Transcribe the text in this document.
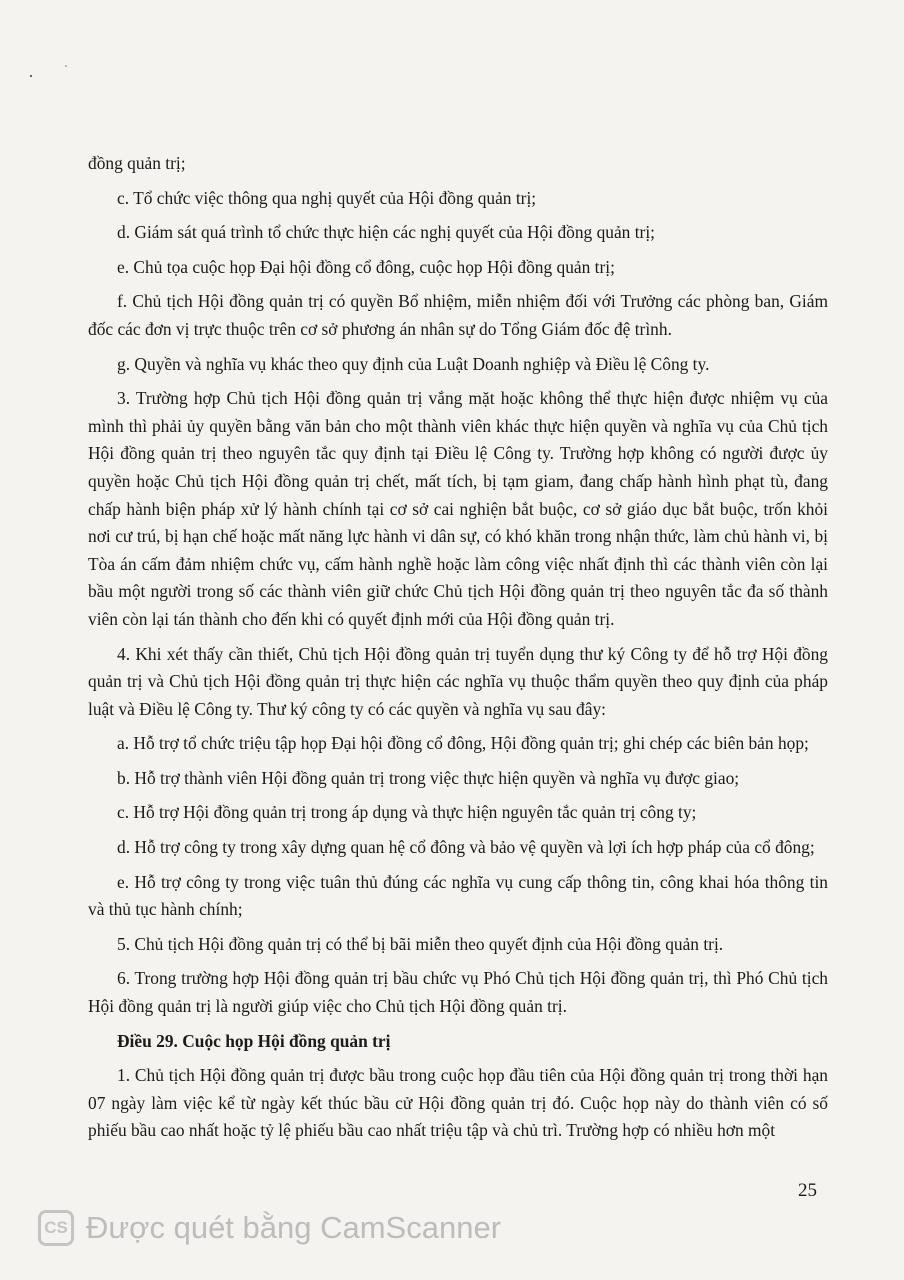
đồng quản trị;

c. Tổ chức việc thông qua nghị quyết của Hội đồng quản trị;

d. Giám sát quá trình tổ chức thực hiện các nghị quyết của Hội đồng quản trị;

e. Chủ tọa cuộc họp Đại hội đồng cổ đông, cuộc họp Hội đồng quản trị;

f. Chủ tịch Hội đồng quản trị có quyền Bổ nhiệm, miễn nhiệm đối với Trưởng các phòng ban, Giám đốc các đơn vị trực thuộc trên cơ sở phương án nhân sự do Tổng Giám đốc đệ trình.

g. Quyền và nghĩa vụ khác theo quy định của Luật Doanh nghiệp và Điều lệ Công ty.

3. Trường hợp Chủ tịch Hội đồng quản trị vắng mặt hoặc không thể thực hiện được nhiệm vụ của mình thì phải ủy quyền bằng văn bản cho một thành viên khác thực hiện quyền và nghĩa vụ của Chủ tịch Hội đồng quản trị theo nguyên tắc quy định tại Điều lệ Công ty. Trường hợp không có người được ủy quyền hoặc Chủ tịch Hội đồng quản trị chết, mất tích, bị tạm giam, đang chấp hành hình phạt tù, đang chấp hành biện pháp xử lý hành chính tại cơ sở cai nghiện bắt buộc, cơ sở giáo dục bắt buộc, trốn khỏi nơi cư trú, bị hạn chế hoặc mất năng lực hành vi dân sự, có khó khăn trong nhận thức, làm chủ hành vi, bị Tòa án cấm đảm nhiệm chức vụ, cấm hành nghề hoặc làm công việc nhất định thì các thành viên còn lại bầu một người trong số các thành viên giữ chức Chủ tịch Hội đồng quản trị theo nguyên tắc đa số thành viên còn lại tán thành cho đến khi có quyết định mới của Hội đồng quản trị.

4. Khi xét thấy cần thiết, Chủ tịch Hội đồng quản trị tuyển dụng thư ký Công ty để hỗ trợ Hội đồng quản trị và Chủ tịch Hội đồng quản trị thực hiện các nghĩa vụ thuộc thẩm quyền theo quy định của pháp luật và Điều lệ Công ty. Thư ký công ty có các quyền và nghĩa vụ sau đây:

a. Hỗ trợ tổ chức triệu tập họp Đại hội đồng cổ đông, Hội đồng quản trị; ghi chép các biên bản họp;

b. Hỗ trợ thành viên Hội đồng quản trị trong việc thực hiện quyền và nghĩa vụ được giao;

c. Hỗ trợ Hội đồng quản trị trong áp dụng và thực hiện nguyên tắc quản trị công ty;

d. Hỗ trợ công ty trong xây dựng quan hệ cổ đông và bảo vệ quyền và lợi ích hợp pháp của cổ đông;

e. Hỗ trợ công ty trong việc tuân thủ đúng các nghĩa vụ cung cấp thông tin, công khai hóa thông tin và thủ tục hành chính;

5. Chủ tịch Hội đồng quản trị có thể bị bãi miễn theo quyết định của Hội đồng quản trị.

6. Trong trường hợp Hội đồng quản trị bầu chức vụ Phó Chủ tịch Hội đồng quản trị, thì Phó Chủ tịch Hội đồng quản trị là người giúp việc cho Chủ tịch Hội đồng quản trị.

Điều 29. Cuộc họp Hội đồng quản trị

1. Chủ tịch Hội đồng quản trị được bầu trong cuộc họp đầu tiên của Hội đồng quản trị trong thời hạn 07 ngày làm việc kể từ ngày kết thúc bầu cử Hội đồng quản trị đó. Cuộc họp này do thành viên có số phiếu bầu cao nhất hoặc tỷ lệ phiếu bầu cao nhất triệu tập và chủ trì. Trường hợp có nhiều hơn một

25
CS Được quét bằng CamScanner
